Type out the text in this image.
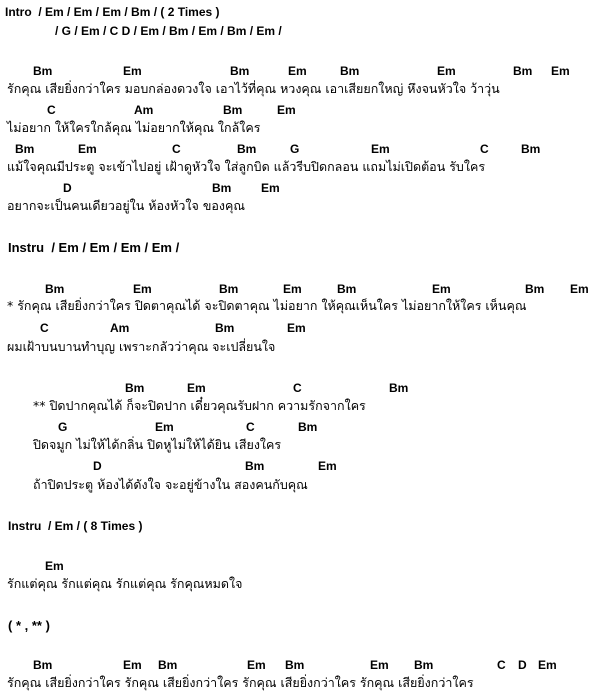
Intro  / Em / Em / Em / Bm / ( 2 Times )
/ G / Em / C D / Em / Bm / Em / Bm / Em /
Bm	Em	Bm	Em	Bm	Em	Bm Em
รักคุณ เสียยิ่งกว่าใคร มอบกล่องดวงใจ เอาไว้ที่คุณ หวงคุณ เอาเสียยกใหญ่ หึงจนหัวใจ ว้าวุ่น
C	Am	Bm	Em
ไม่อยาก ให้ใครใกล้คุณ ไม่อยากให้คุณ ใกล้ใคร
Bm	Em	C	Bm	G	Em	C	Bm
แม้ใจคุณมีประตู จะเข้าไปอยู่ เฝ้าดูหัวใจ ใส่ลูกบิด แล้วรีบปิดกลอน แถมไม่เปิดต้อน รับใคร
D	Bm Em
อยากจะเป็นคนเดียวอยู่ใน ห้องหัวใจ ของคุณ
Instru  / Em / Em / Em / Em /
Bm	Em	Bm	Em	Bm	Em	Bm Em
* รักคุณ เสียยิ่งกว่าใคร ปิดตาคุณได้ จะปิดตาคุณ ไม่อยาก ให้คุณเห็นใคร ไม่อยากให้ใคร เห็นคุณ
C	Am	Bm	Em
ผมเฝ้าบนบานทำบุญ เพราะกลัวว่าคุณ จะเปลี่ยนใจ
Bm	Em	C	Bm
** ปิดปากคุณได้ ก็จะปิดปาก เดี๋ยวคุณรับฝาก ความรักจากใคร
G	Em	C	Bm
ปิดจมูก ไม่ให้ได้กลิ่น ปิดหูไม่ให้ได้ยิน เสียงใคร
D	Bm	Em
ถ้าปิดประตู ห้องได้ดังใจ จะอยู่ข้างใน สองคนกับคุณ
Instru  / Em / ( 8 Times )
Em
รักแต่คุณ รักแต่คุณ รักแต่คุณ รักคุณหมดใจ
( * , ** )
Bm	Em Bm	Em Bm	Em Bm	C D Em
รักคุณ เสียยิ่งกว่าใคร รักคุณ เสียยิ่งกว่าใคร รักคุณ เสียยิ่งกว่าใคร รักคุณ เสียยิ่งกว่าใคร
